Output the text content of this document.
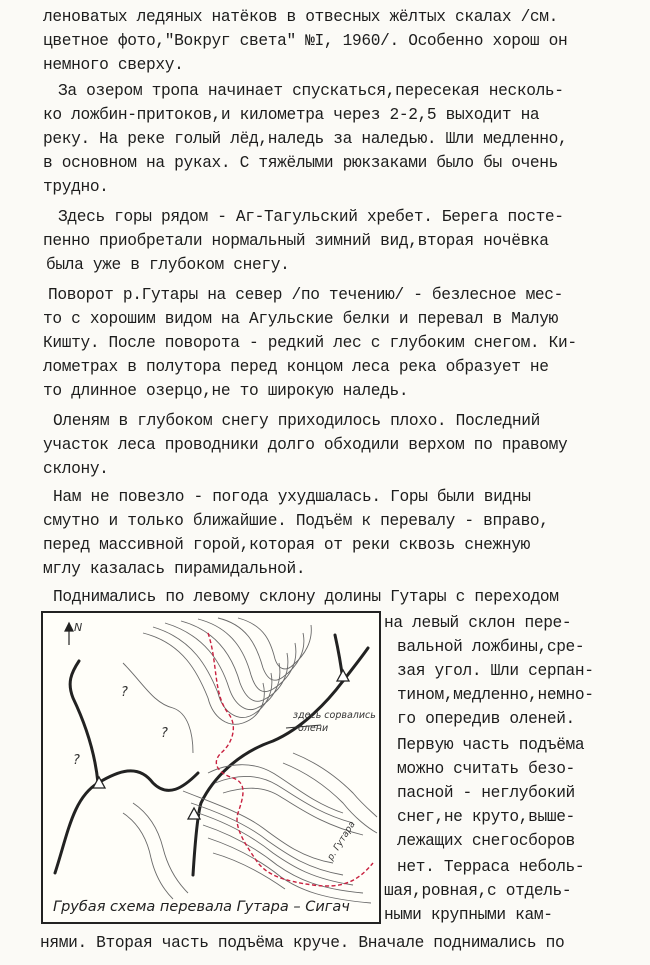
леноватых ледяных натёков в отвесных жёлтых скалах /см.
цветное фото,"Вокруг света" №I, 1960/. Особенно хорош он
немного сверху.
За озером тропа начинает спускаться,пересекая несколь-
ко ложбин-притоков,и километра через 2-2,5 выходит на
реку. На реке голый лёд,наледь за наледью. Шли медленно,
в основном на руках. С тяжёлыми рюкзаками было бы очень
трудно.
Здесь горы рядом - Аг-Тагульский хребет. Берега посте-
пенно приобретали нормальный зимний вид,вторая ночёвка
была уже в глубоком снегу.
Поворот р.Гутары на север /по течению/ - безлесное мес-
то с хорошим видом на Агульские белки и перевал в Малую
Кишту. После поворота - редкий лес с глубоким снегом. Ки-
лометрах в полутора перед концом леса река образует не
то длинное озерцо,не то широкую наледь.
Оленям в глубоком снегу приходилось плохо. Последний
участок леса проводники долго обходили верхом по правому
склону.
Нам не повезло - погода ухудшалась. Горы были видны
смутно и только ближайшие. Подъём к перевалу - вправо,
перед массивной горой,которая от реки сквозь снежную
мглу казалась пирамидальной.
Поднимались по левому склону долины Гутары с переходом
на левый склон пере-
вальной ложбины,сре-
зая угол. Шли серпан-
тином,медленно,немно-
го опередив оленей.
Первую часть подъёма
можно считать безо-
пасной - неглубокий
снег,не круто,выше-
лежащих снегосборов
нет. Терраса неболь-
шая,ровная,с отдель-
ными крупными кам-
нями. Вторая часть подъёма круче. Вначале поднимались по
N
здесь сорвались
олени
р. Гутара
?
?
?
Грубая схема перевала Гутара – Сигач
